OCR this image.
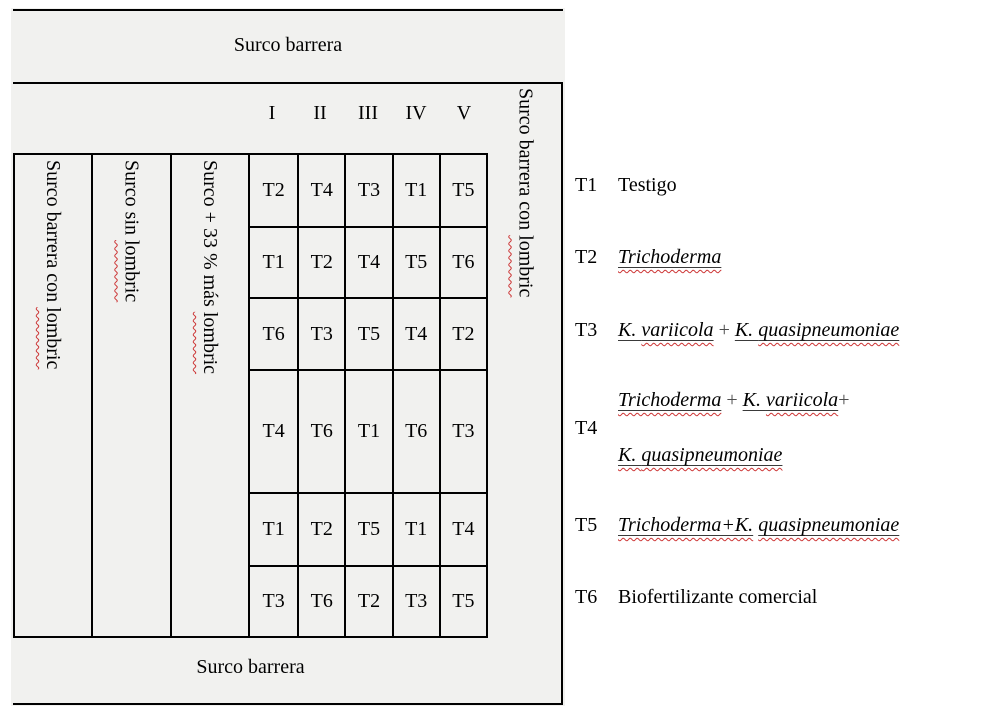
Surco barrera
I	II	III	IV	V
Surco barrera con lombric
Surco sin lombric	Surco + 33 % más lombric
T2	T4	T3	T1	T5
T1	T2	T4	T5	T6
T6	T3	T5	T4	T2
T4	T6	T1	T6	T3
T1	T2	T5	T1	T4
T3	T6	T2	T3	T5
Surco barrera con lombric
Surco barrera
T1 Testigo
T2 Trichoderma
T3 K. variicola + K. quasipneumoniae
T4
Trichoderma + K. variicola+
K. quasipneumoniae
T5 Trichoderma+K. quasipneumoniae
T6 Biofertilizante comercial
